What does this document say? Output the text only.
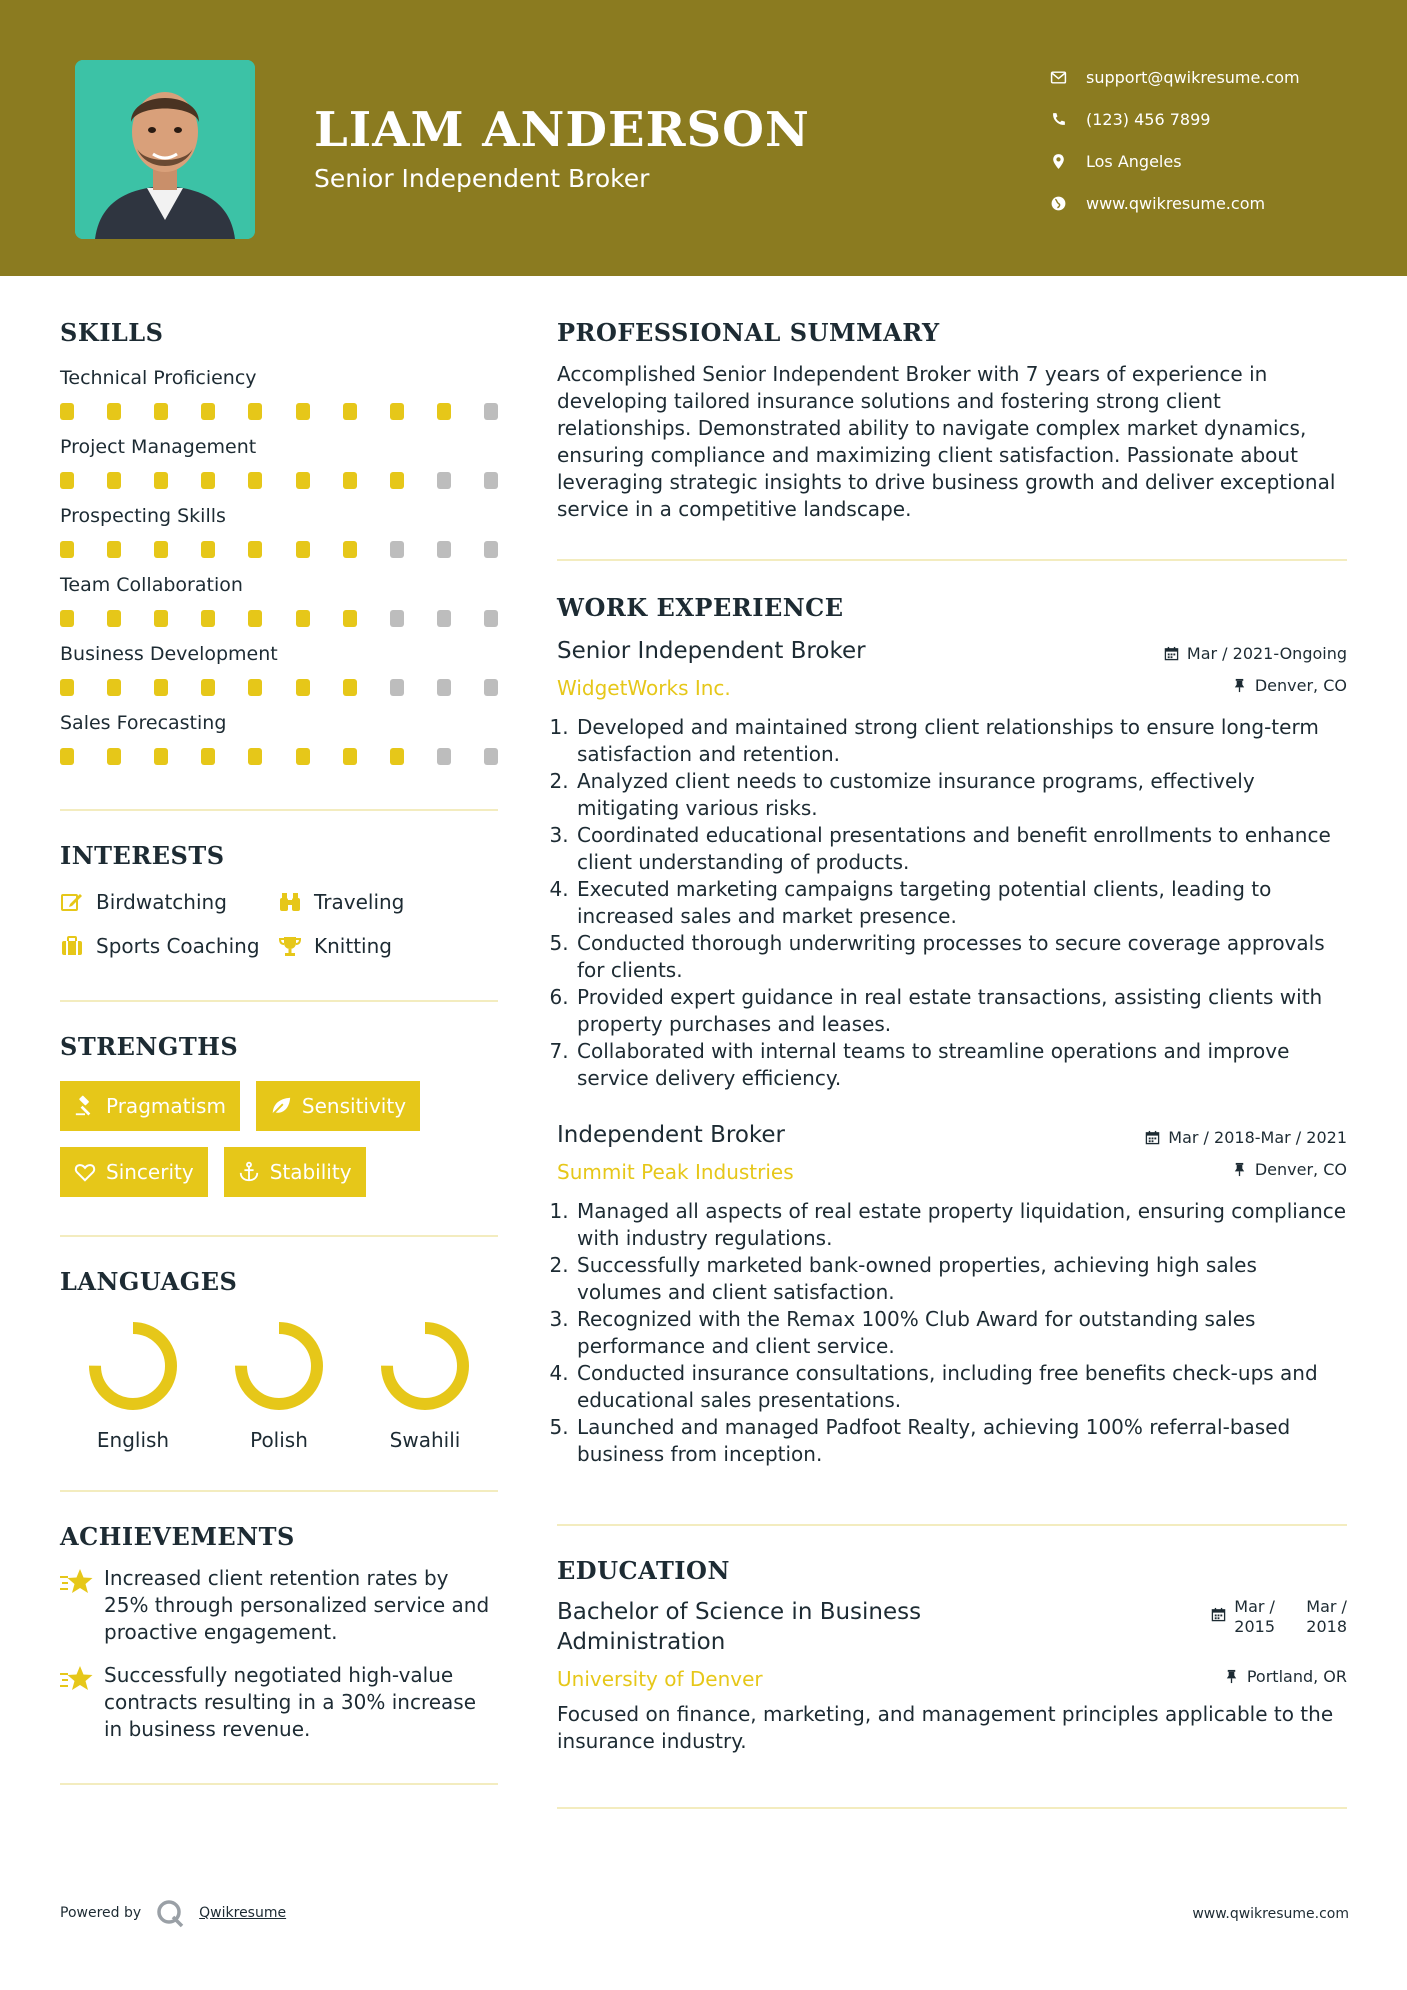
LIAM ANDERSON
Senior Independent Broker
support@qwikresume.com
(123) 456 7899
Los Angeles
www.qwikresume.com
SKILLS
Technical Proficiency
Project Management
Prospecting Skills
Team Collaboration
Business Development
Sales Forecasting
INTERESTS
Birdwatching	Traveling
Sports Coaching	Knitting
STRENGTHS
Pragmatism	Sensitivity
Sincerity	Stability
LANGUAGES
English	Polish	Swahili
ACHIEVEMENTS
Increased client retention rates by 25% through personalized service and proactive engagement.
Successfully negotiated high-value contracts resulting in a 30% increase in business revenue.
PROFESSIONAL SUMMARY
Accomplished Senior Independent Broker with 7 years of experience in developing tailored insurance solutions and fostering strong client relationships. Demonstrated ability to navigate complex market dynamics, ensuring compliance and maximizing client satisfaction. Passionate about leveraging strategic insights to drive business growth and deliver exceptional service in a competitive landscape.
WORK EXPERIENCE
Senior Independent Broker	Mar / 2021-Ongoing
WidgetWorks Inc.	Denver, CO
1. Developed and maintained strong client relationships to ensure long-term satisfaction and retention.
2. Analyzed client needs to customize insurance programs, effectively mitigating various risks.
3. Coordinated educational presentations and benefit enrollments to enhance client understanding of products.
4. Executed marketing campaigns targeting potential clients, leading to increased sales and market presence.
5. Conducted thorough underwriting processes to secure coverage approvals for clients.
6. Provided expert guidance in real estate transactions, assisting clients with property purchases and leases.
7. Collaborated with internal teams to streamline operations and improve service delivery efficiency.
Independent Broker	Mar / 2018-Mar / 2021
Summit Peak Industries	Denver, CO
1. Managed all aspects of real estate property liquidation, ensuring compliance with industry regulations.
2. Successfully marketed bank-owned properties, achieving high sales volumes and client satisfaction.
3. Recognized with the Remax 100% Club Award for outstanding sales performance and client service.
4. Conducted insurance consultations, including free benefits check-ups and educational sales presentations.
5. Launched and managed Padfoot Realty, achieving 100% referral-based business from inception.
EDUCATION
Bachelor of Science in Business Administration
Mar /
2015
Mar /
2018
University of Denver	Portland, OR
Focused on finance, marketing, and management principles applicable to the insurance industry.
Powered by	Qwikresume	www.qwikresume.com
